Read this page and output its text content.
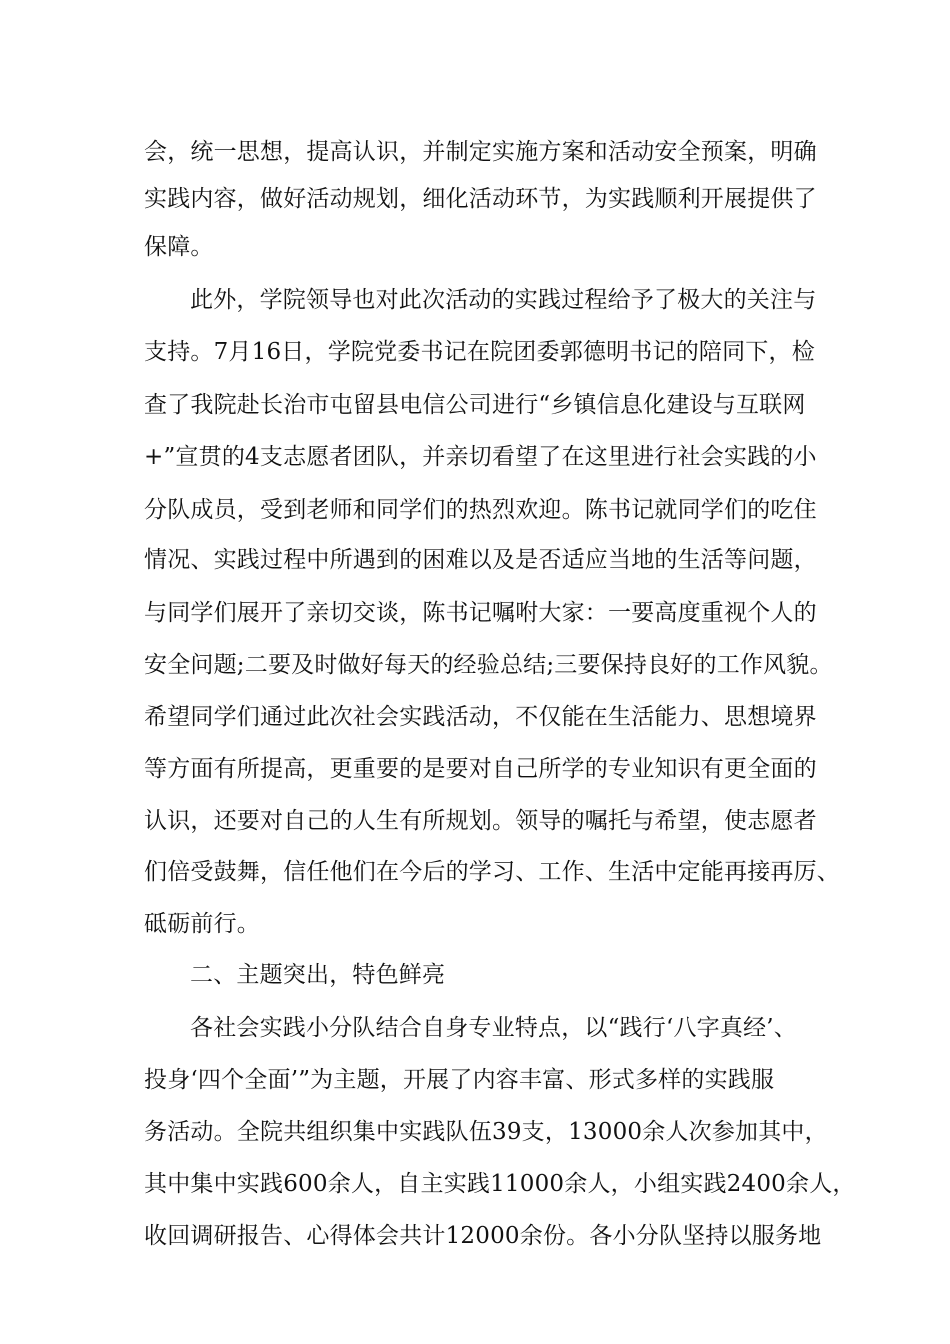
会，统一思想，提高认识，并制定实施方案和活动安全预案，明确
实践内容，做好活动规划，细化活动环节，为实践顺利开展提供了
保障。
此外，学院领导也对此次活动的实践过程给予了极大的关注与
支持。7月16日，学院党委书记在院团委郭德明书记的陪同下，检
查了我院赴长治市屯留县电信公司进行“乡镇信息化建设与互联网
+”宣贯的4支志愿者团队，并亲切看望了在这里进行社会实践的小
分队成员，受到老师和同学们的热烈欢迎。陈书记就同学们的吃住
情况、实践过程中所遇到的困难以及是否适应当地的生活等问题，
与同学们展开了亲切交谈，陈书记嘱咐大家：一要高度重视个人的
安全问题;二要及时做好每天的经验总结;三要保持良好的工作风貌。
希望同学们通过此次社会实践活动，不仅能在生活能力、思想境界
等方面有所提高，更重要的是要对自己所学的专业知识有更全面的
认识，还要对自己的人生有所规划。领导的嘱托与希望，使志愿者
们倍受鼓舞，信任他们在今后的学习、工作、生活中定能再接再厉、
砥砺前行。
二、主题突出，特色鲜亮
各社会实践小分队结合自身专业特点，以“践行‘八字真经’、
投身‘四个全面’”为主题，开展了内容丰富、形式多样的实践服
务活动。全院共组织集中实践队伍39支，13000余人次参加其中，
其中集中实践600余人，自主实践11000余人，小组实践2400余人，
收回调研报告、心得体会共计12000余份。各小分队坚持以服务地
